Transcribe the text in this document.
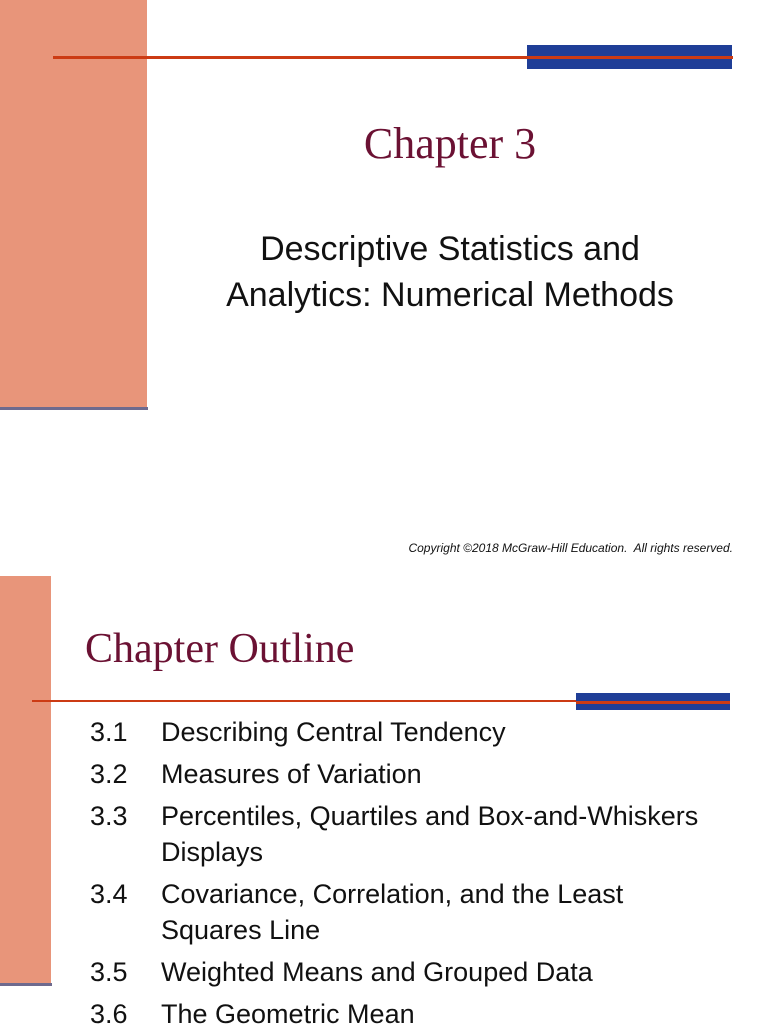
Chapter 3
Descriptive Statistics and
Analytics: Numerical Methods
Copyright ©2018 McGraw-Hill Education.  All rights reserved.
Chapter Outline
3.1	Describing Central Tendency
3.2	Measures of Variation
3.3	Percentiles, Quartiles and Box-and-Whiskers Displays
3.4	Covariance, Correlation, and the Least Squares Line
3.5	Weighted Means and Grouped Data
3.6	The Geometric Mean
